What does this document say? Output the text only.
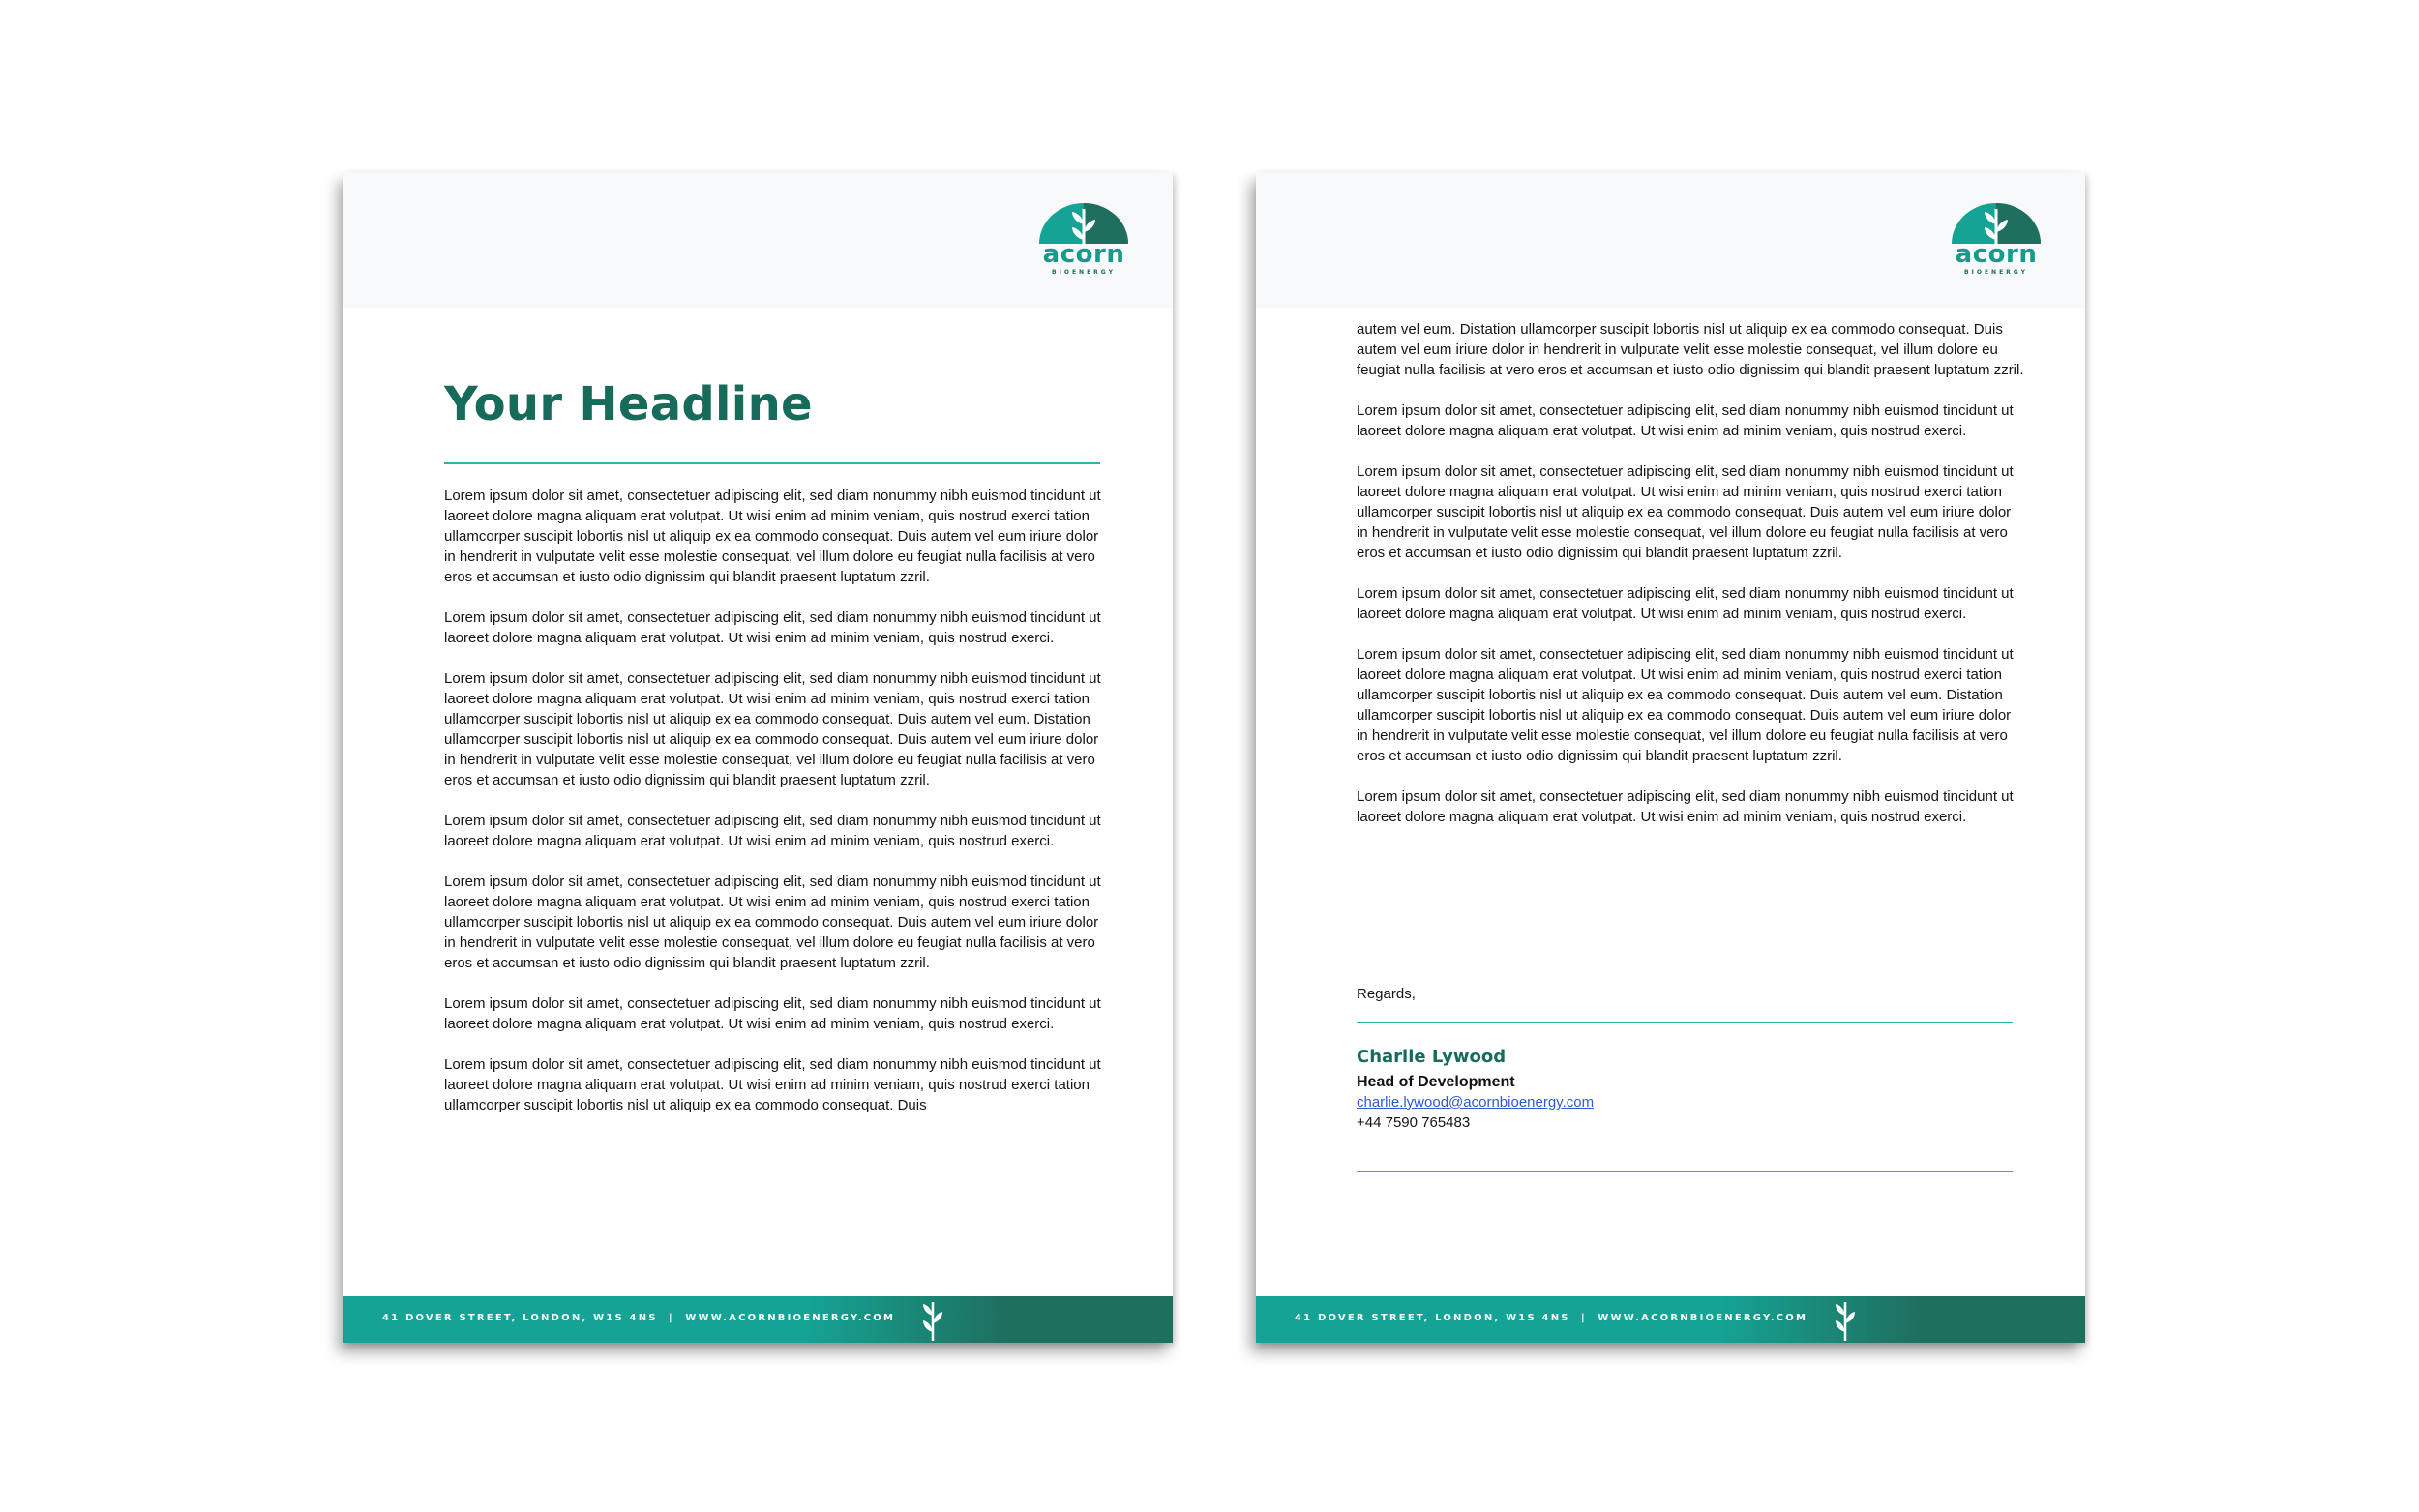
acorn
BIOENERGY
Your Headline

Lorem ipsum dolor sit amet, consectetuer adipiscing elit, sed diam nonummy nibh euismod tincidunt ut laoreet dolore magna aliquam erat volutpat. Ut wisi enim ad minim veniam, quis nostrud exerci tation ullamcorper suscipit lobortis nisl ut aliquip ex ea commodo consequat. Duis autem vel eum iriure dolor in hendrerit in vulputate velit esse molestie consequat, vel illum dolore eu feugiat nulla facilisis at vero eros et accumsan et iusto odio dignissim qui blandit praesent luptatum zzril.

Lorem ipsum dolor sit amet, consectetuer adipiscing elit, sed diam nonummy nibh euismod tincidunt ut laoreet dolore magna aliquam erat volutpat. Ut wisi enim ad minim veniam, quis nostrud exerci.

Lorem ipsum dolor sit amet, consectetuer adipiscing elit, sed diam nonummy nibh euismod tincidunt ut laoreet dolore magna aliquam erat volutpat. Ut wisi enim ad minim veniam, quis nostrud exerci tation ullamcorper suscipit lobortis nisl ut aliquip ex ea commodo consequat. Duis autem vel eum. Distation ullamcorper suscipit lobortis nisl ut aliquip ex ea commodo consequat. Duis autem vel eum iriure dolor in hendrerit in vulputate velit esse molestie consequat, vel illum dolore eu feugiat nulla facilisis at vero eros et accumsan et iusto odio dignissim qui blandit praesent luptatum zzril.

Lorem ipsum dolor sit amet, consectetuer adipiscing elit, sed diam nonummy nibh euismod tincidunt ut laoreet dolore magna aliquam erat volutpat. Ut wisi enim ad minim veniam, quis nostrud exerci.

Lorem ipsum dolor sit amet, consectetuer adipiscing elit, sed diam nonummy nibh euismod tincidunt ut laoreet dolore magna aliquam erat volutpat. Ut wisi enim ad minim veniam, quis nostrud exerci tation ullamcorper suscipit lobortis nisl ut aliquip ex ea commodo consequat. Duis autem vel eum iriure dolor in hendrerit in vulputate velit esse molestie consequat, vel illum dolore eu feugiat nulla facilisis at vero eros et accumsan et iusto odio dignissim qui blandit praesent luptatum zzril.

Lorem ipsum dolor sit amet, consectetuer adipiscing elit, sed diam nonummy nibh euismod tincidunt ut laoreet dolore magna aliquam erat volutpat. Ut wisi enim ad minim veniam, quis nostrud exerci.

Lorem ipsum dolor sit amet, consectetuer adipiscing elit, sed diam nonummy nibh euismod tincidunt ut laoreet dolore magna aliquam erat volutpat. Ut wisi enim ad minim veniam, quis nostrud exerci tation ullamcorper suscipit lobortis nisl ut aliquip ex ea commodo consequat. Duis

41 DOVER STREET, LONDON, W1S 4NS  |  WWW.ACORNBIOENERGY.COM
acorn
BIOENERGY

autem vel eum. Distation ullamcorper suscipit lobortis nisl ut aliquip ex ea commodo consequat. Duis autem vel eum iriure dolor in hendrerit in vulputate velit esse molestie consequat, vel illum dolore eu feugiat nulla facilisis at vero eros et accumsan et iusto odio dignissim qui blandit praesent luptatum zzril.

Lorem ipsum dolor sit amet, consectetuer adipiscing elit, sed diam nonummy nibh euismod tincidunt ut laoreet dolore magna aliquam erat volutpat. Ut wisi enim ad minim veniam, quis nostrud exerci.

Lorem ipsum dolor sit amet, consectetuer adipiscing elit, sed diam nonummy nibh euismod tincidunt ut laoreet dolore magna aliquam erat volutpat. Ut wisi enim ad minim veniam, quis nostrud exerci tation ullamcorper suscipit lobortis nisl ut aliquip ex ea commodo consequat. Duis autem vel eum iriure dolor in hendrerit in vulputate velit esse molestie consequat, vel illum dolore eu feugiat nulla facilisis at vero eros et accumsan et iusto odio dignissim qui blandit praesent luptatum zzril.

Lorem ipsum dolor sit amet, consectetuer adipiscing elit, sed diam nonummy nibh euismod tincidunt ut laoreet dolore magna aliquam erat volutpat. Ut wisi enim ad minim veniam, quis nostrud exerci.

Lorem ipsum dolor sit amet, consectetuer adipiscing elit, sed diam nonummy nibh euismod tincidunt ut laoreet dolore magna aliquam erat volutpat. Ut wisi enim ad minim veniam, quis nostrud exerci tation ullamcorper suscipit lobortis nisl ut aliquip ex ea commodo consequat. Duis autem vel eum. Distation ullamcorper suscipit lobortis nisl ut aliquip ex ea commodo consequat. Duis autem vel eum iriure dolor in hendrerit in vulputate velit esse molestie consequat, vel illum dolore eu feugiat nulla facilisis at vero eros et accumsan et iusto odio dignissim qui blandit praesent luptatum zzril.

Lorem ipsum dolor sit amet, consectetuer adipiscing elit, sed diam nonummy nibh euismod tincidunt ut laoreet dolore magna aliquam erat volutpat. Ut wisi enim ad minim veniam, quis nostrud exerci.

Regards,
Charlie Lywood
Head of Development
charlie.lywood@acornbioenergy.com
+44 7590 765483
41 DOVER STREET, LONDON, W1S 4NS  |  WWW.ACORNBIOENERGY.COM
